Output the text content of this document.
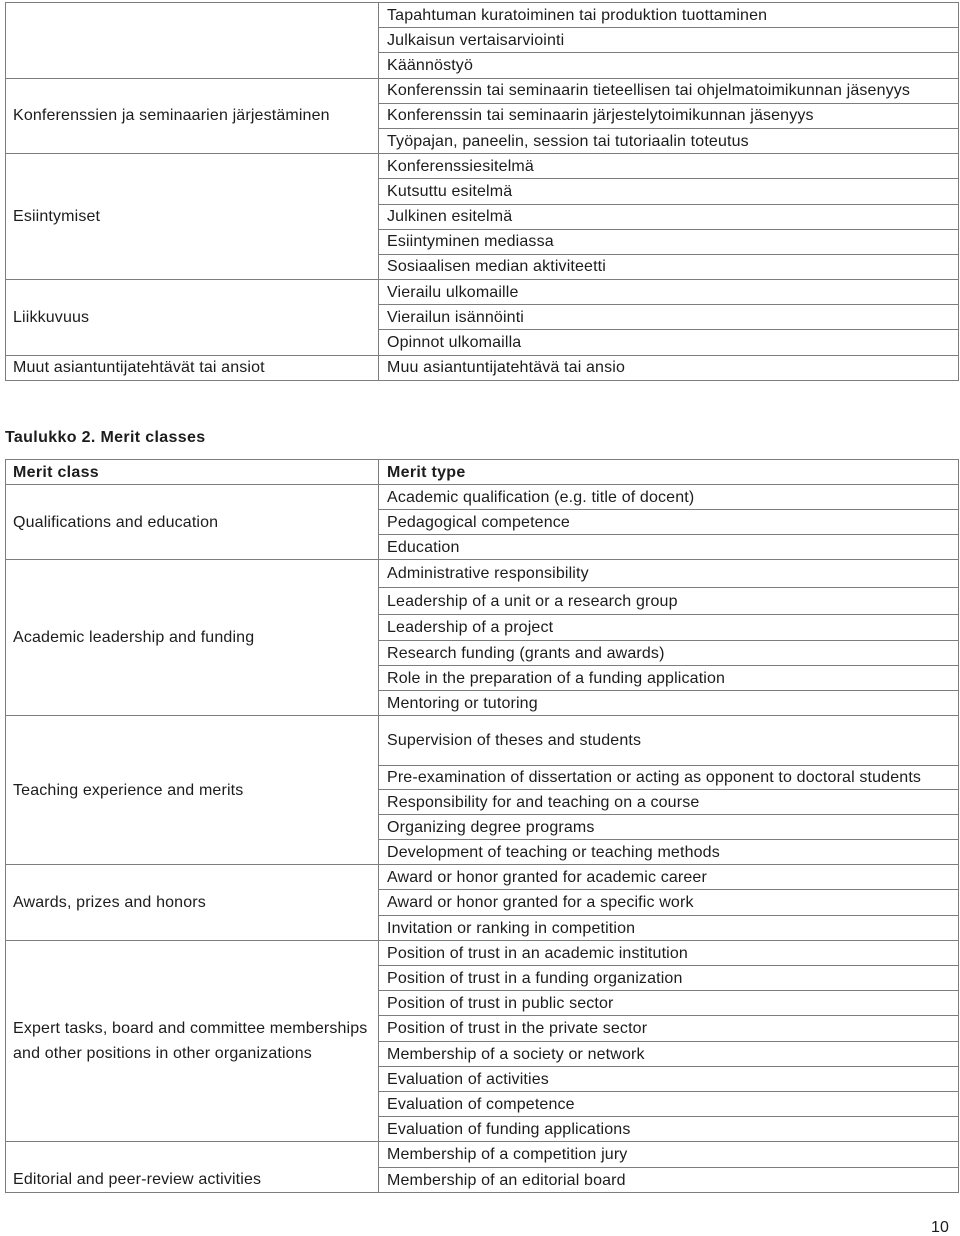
Konferenssien ja seminaarien järjestäminen
Esiintymiset
Liikkuvuus
Muut asiantuntijatehtävät tai ansiot
Tapahtuman kuratoiminen tai produktion tuottaminen
Julkaisun vertaisarviointi
Käännöstyö
Konferenssin tai seminaarin tieteellisen tai ohjelmatoimikunnan jäsenyys
Konferenssin tai seminaarin järjestelytoimikunnan jäsenyys
Työpajan, paneelin, session tai tutoriaalin toteutus
Konferenssiesitelmä
Kutsuttu esitelmä
Julkinen esitelmä
Esiintyminen mediassa
Sosiaalisen median aktiviteetti
Vierailu ulkomaille
Vierailun isännöinti
Opinnot ulkomailla
Muu asiantuntijatehtävä tai ansio
Taulukko 2. Merit classes
Merit class
Qualifications and education
Academic leadership and funding
Teaching experience and merits
Awards, prizes and honors
Expert tasks, board and committee memberships and other positions in other organizations
Editorial and peer-review activities
Merit type
Academic qualification (e.g. title of docent)
Pedagogical competence
Education
Administrative responsibility
Leadership of a unit or a research group
Leadership of a project
Research funding (grants and awards)
Role in the preparation of a funding application
Mentoring or tutoring
Supervision of theses and students
Pre-examination of dissertation or acting as opponent to doctoral students
Responsibility for and teaching on a course
Organizing degree programs
Development of teaching or teaching methods
Award or honor granted for academic career
Award or honor granted for a specific work
Invitation or ranking in competition
Position of trust in an academic institution
Position of trust in a funding organization
Position of trust in public sector
Position of trust in the private sector
Membership of a society or network
Evaluation of activities
Evaluation of competence
Evaluation of funding applications
Membership of a competition jury
Membership of an editorial board
10
